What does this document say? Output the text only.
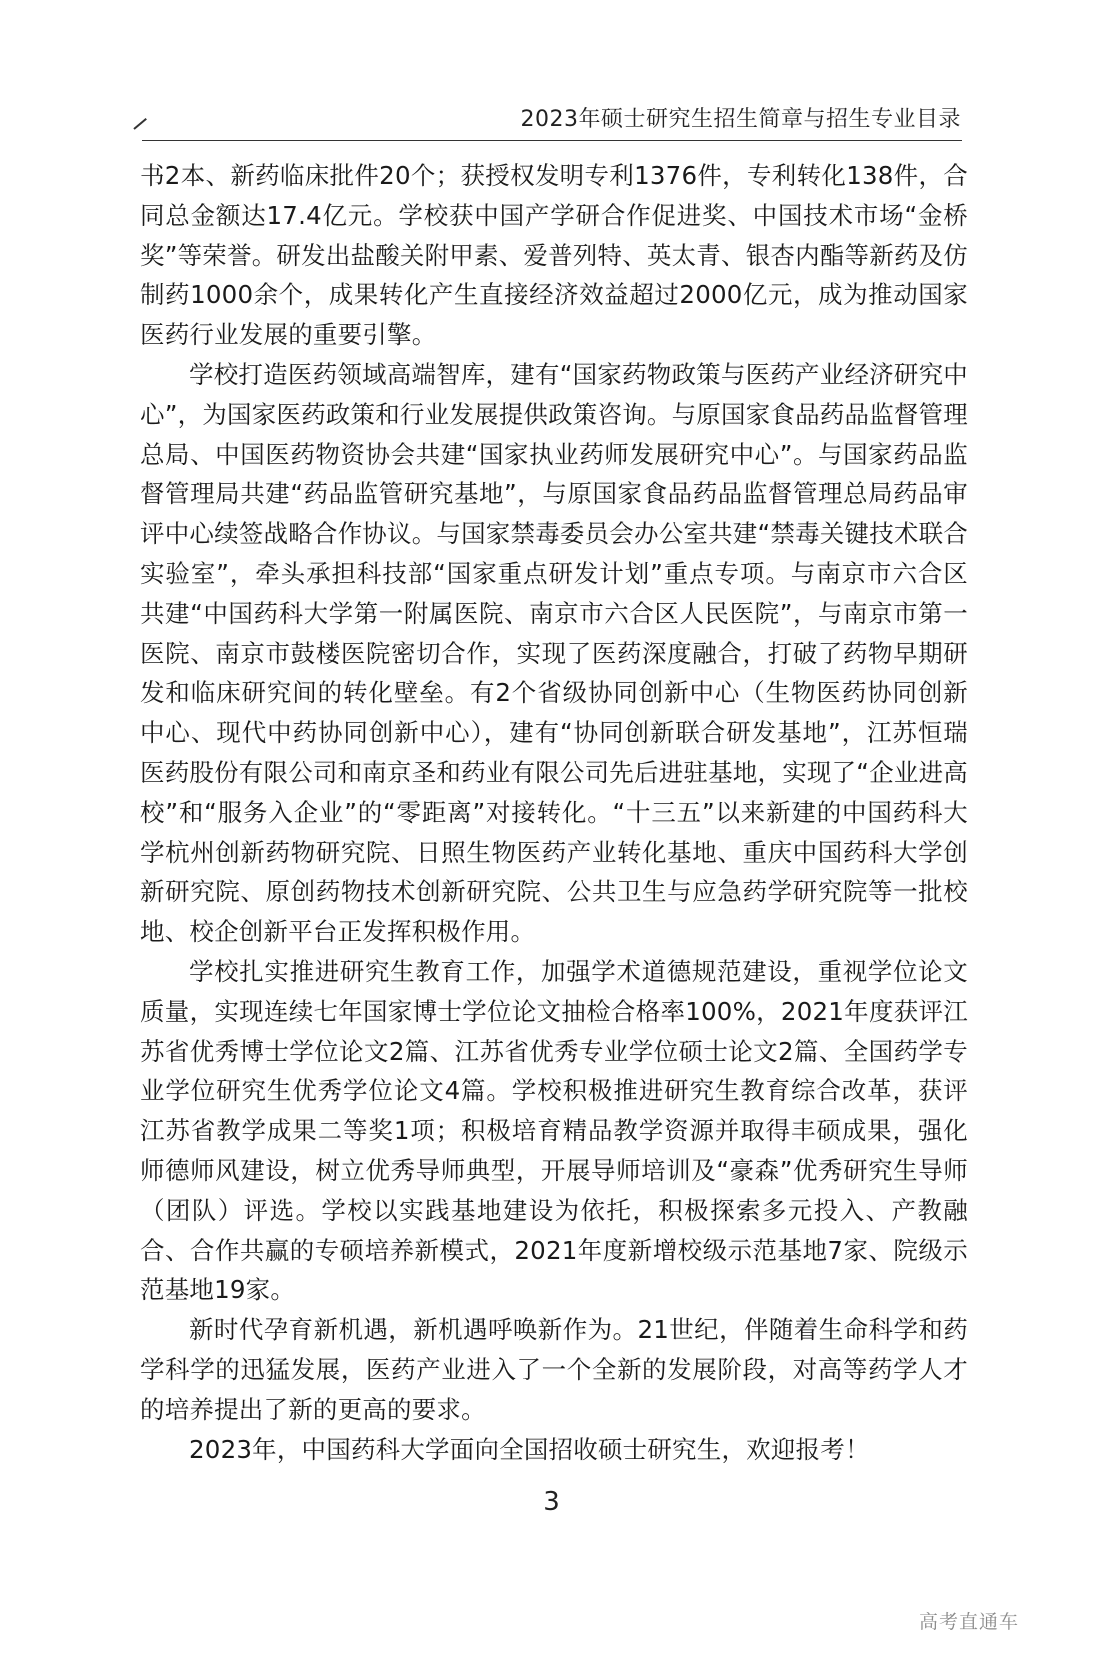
2023年硕士研究生招生简章与招生专业目录

书2本、新药临床批件20个；获授权发明专利1376件，专利转化138件，合同总金额达17.4亿元。学校获中国产学研合作促进奖、中国技术市场“金桥奖”等荣誉。研发出盐酸关附甲素、爱普列特、英太青、银杏内酯等新药及仿制药1000余个，成果转化产生直接经济效益超过2000亿元，成为推动国家医药行业发展的重要引擎。

学校打造医药领域高端智库，建有“国家药物政策与医药产业经济研究中心”，为国家医药政策和行业发展提供政策咨询。与原国家食品药品监督管理总局、中国医药物资协会共建“国家执业药师发展研究中心”。与国家药品监督管理局共建“药品监管研究基地”，与原国家食品药品监督管理总局药品审评中心续签战略合作协议。与国家禁毒委员会办公室共建“禁毒关键技术联合实验室”，牵头承担科技部“国家重点研发计划”重点专项。与南京市六合区共建“中国药科大学第一附属医院、南京市六合区人民医院”，与南京市第一医院、南京市鼓楼医院密切合作，实现了医药深度融合，打破了药物早期研发和临床研究间的转化壁垒。有2个省级协同创新中心（生物医药协同创新中心、现代中药协同创新中心），建有“协同创新联合研发基地”，江苏恒瑞医药股份有限公司和南京圣和药业有限公司先后进驻基地，实现了“企业进高校”和“服务入企业”的“零距离”对接转化。“十三五”以来新建的中国药科大学杭州创新药物研究院、日照生物医药产业转化基地、重庆中国药科大学创新研究院、原创药物技术创新研究院、公共卫生与应急药学研究院等一批校地、校企创新平台正发挥积极作用。

学校扎实推进研究生教育工作，加强学术道德规范建设，重视学位论文质量，实现连续七年国家博士学位论文抽检合格率100%，2021年度获评江苏省优秀博士学位论文2篇、江苏省优秀专业学位硕士论文2篇、全国药学专业学位研究生优秀学位论文4篇。学校积极推进研究生教育综合改革，获评江苏省教学成果二等奖1项；积极培育精品教学资源并取得丰硕成果，强化师德师风建设，树立优秀导师典型，开展导师培训及“豪森”优秀研究生导师（团队）评选。学校以实践基地建设为依托，积极探索多元投入、产教融合、合作共赢的专硕培养新模式，2021年度新增校级示范基地7家、院级示范基地19家。

新时代孕育新机遇，新机遇呼唤新作为。21世纪，伴随着生命科学和药学科学的迅猛发展，医药产业进入了一个全新的发展阶段，对高等药学人才的培养提出了新的更高的要求。

2023年，中国药科大学面向全国招收硕士研究生，欢迎报考！

3
高考直通车
